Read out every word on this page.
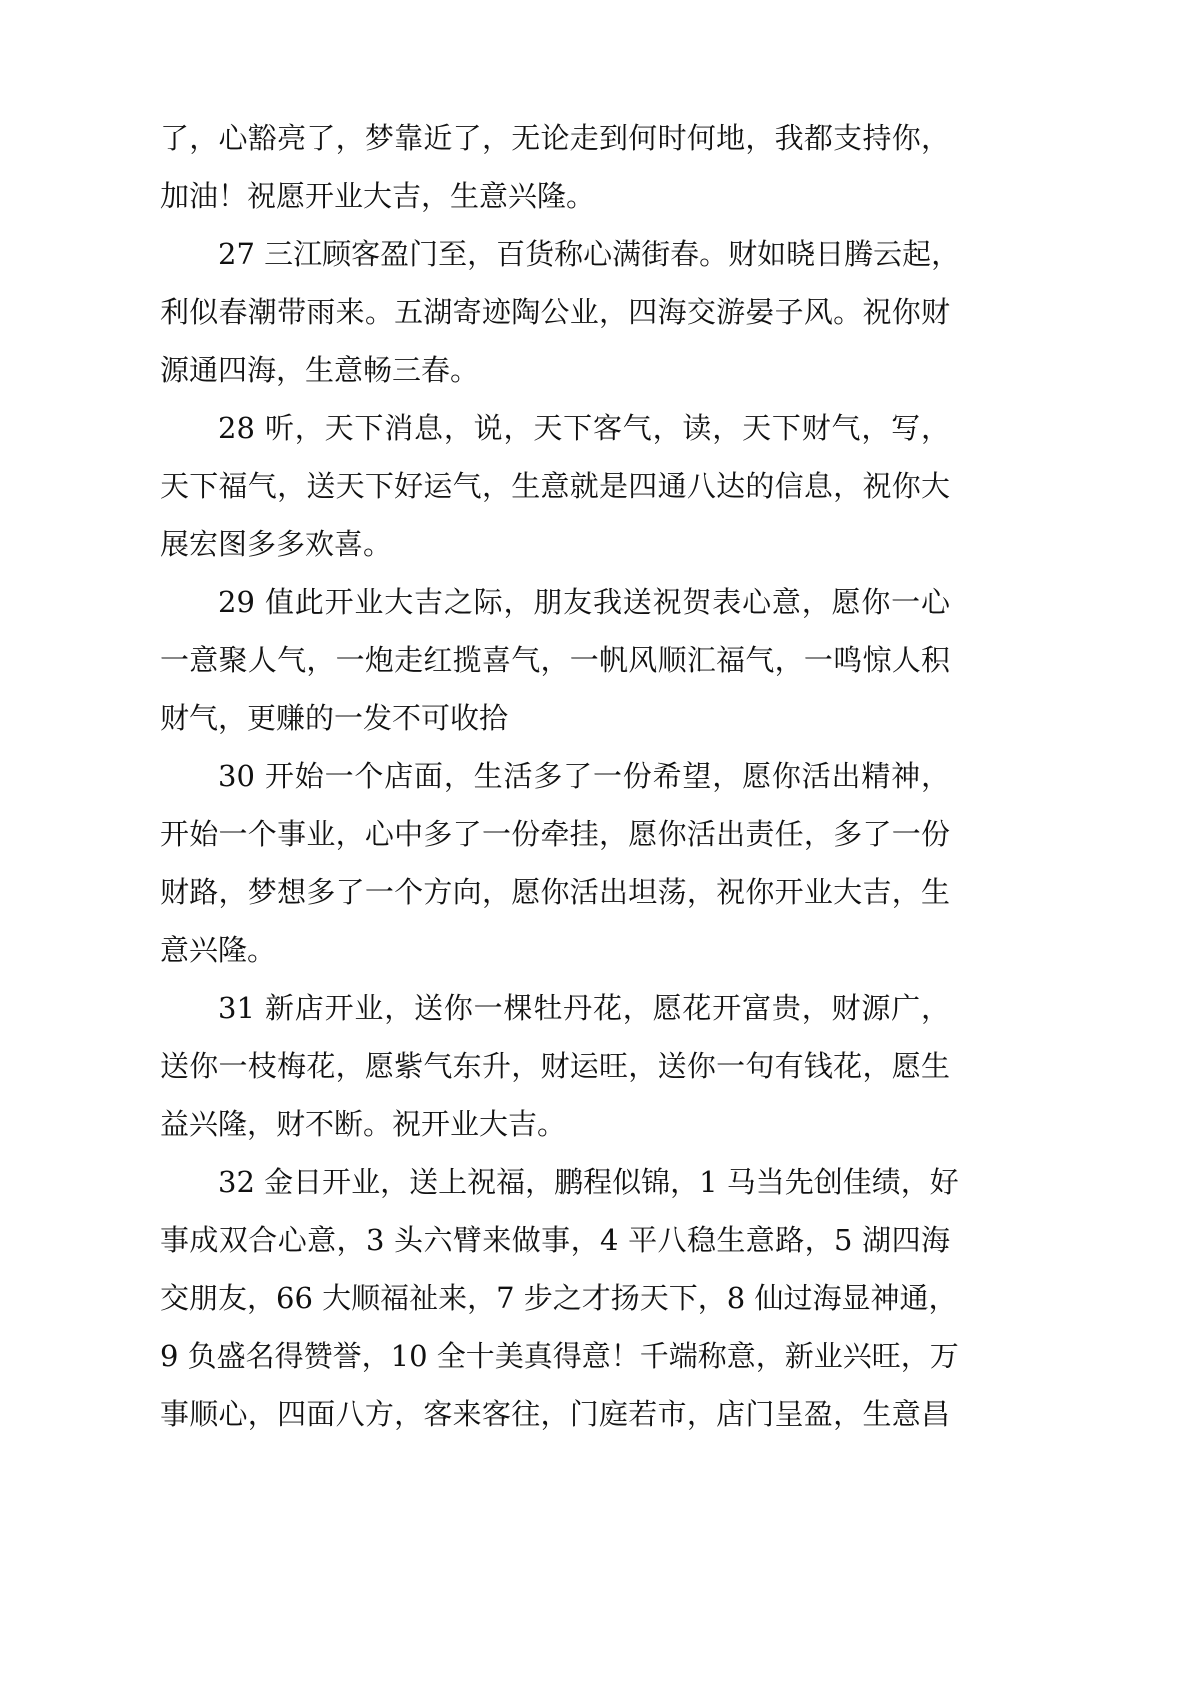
了，心豁亮了，梦靠近了，无论走到何时何地，我都支持你，
加油！祝愿开业大吉，生意兴隆。
27 三江顾客盈门至，百货称心满街春。财如晓日腾云起，
利似春潮带雨来。五湖寄迹陶公业，四海交游晏子风。祝你财
源通四海，生意畅三春。
28 听，天下消息，说，天下客气，读，天下财气，写，
天下福气，送天下好运气，生意就是四通八达的信息，祝你大
展宏图多多欢喜。
29 值此开业大吉之际，朋友我送祝贺表心意，愿你一心
一意聚人气，一炮走红揽喜气，一帆风顺汇福气，一鸣惊人积
财气，更赚的一发不可收拾
30 开始一个店面，生活多了一份希望，愿你活出精神，
开始一个事业，心中多了一份牵挂，愿你活出责任，多了一份
财路，梦想多了一个方向，愿你活出坦荡，祝你开业大吉，生
意兴隆。
31 新店开业，送你一棵牡丹花，愿花开富贵，财源广，
送你一枝梅花，愿紫气东升，财运旺，送你一句有钱花，愿生
益兴隆，财不断。祝开业大吉。
32 金日开业，送上祝福，鹏程似锦，1 马当先创佳绩，好
事成双合心意，3 头六臂来做事，4 平八稳生意路，5 湖四海
交朋友，66 大顺福祉来，7 步之才扬天下，8 仙过海显神通，
9 负盛名得赞誉，10 全十美真得意！千端称意，新业兴旺，万
事顺心，四面八方，客来客往，门庭若市，店门呈盈，生意昌
